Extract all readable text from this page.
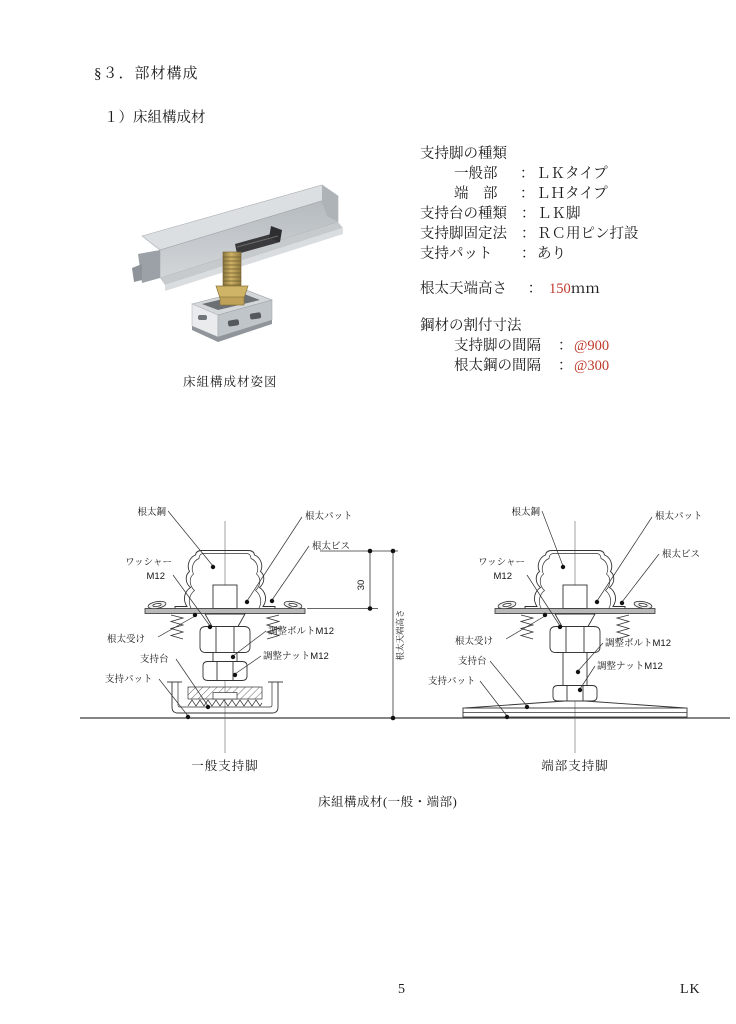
§３．部材構成
１）床組構成材
床組構成材姿図
支持脚の種類
一般部	： ＬＫタイプ
端　部	： ＬＨタイプ
支持台の種類 ： ＬＫ脚
支持脚固定法 ： ＲＣ用ピン打設
支持パット	： あり
根太天端高さ	： 150 ｍｍ
鋼材の割付寸法
支持脚の間隔	： @900
根太鋼の間隔	： @300
30
根太天端高さ
根太鋼	根太パット
根太ビス
ワッシャー
M12
根太受け
調整ボルトM12
調整ナットM12
支持台
支持パット
一般支持脚
根太鋼	根太パット
根太ビス
ワッシャー
M12
根太受け	調整ボルトM12
調整ナットM12
支持台
支持パット
端部支持脚
床組構成材(一般・端部)
5	LK
